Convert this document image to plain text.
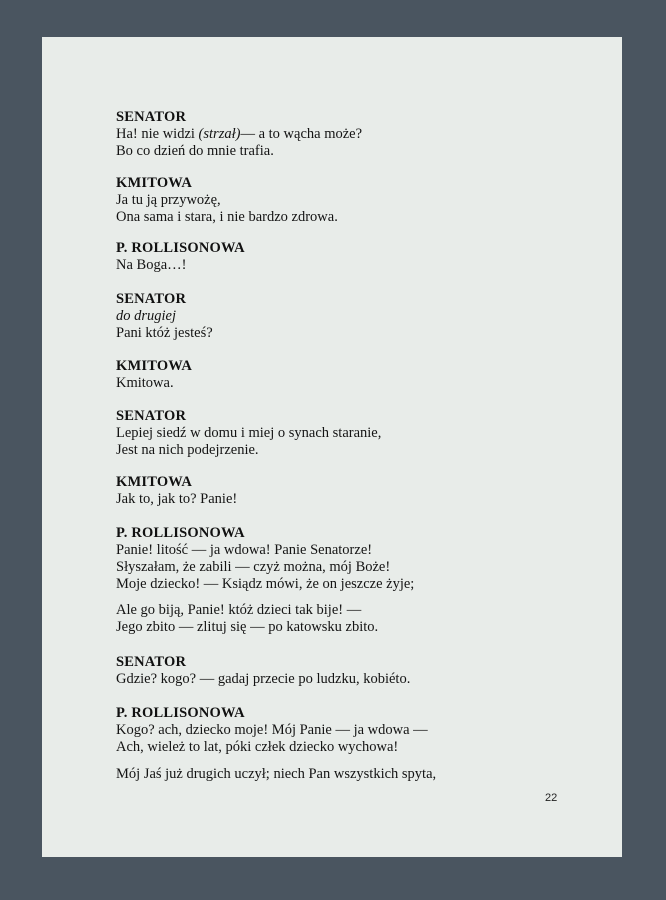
SENATOR

Ha! nie widzi (strzał)— a to wącha może?

Bo co dzień do mnie trafia.

KMITOWA

Ja tu ją przywożę,

Ona sama i stara, i nie bardzo zdrowa.

P. ROLLISONOWA

Na Boga…!

SENATOR

do drugiej

Pani któż jesteś?

KMITOWA

Kmitowa.

SENATOR

Lepiej siedź w domu i miej o synach staranie,

Jest na nich podejrzenie.

KMITOWA

Jak to, jak to? Panie!

P. ROLLISONOWA

Panie! litość — ja wdowa! Panie Senatorze!

Słyszałam, że zabili — czyż można, mój Boże!

Moje dziecko! — Ksiądz mówi, że on jeszcze żyje;

Ale go biją, Panie! któż dzieci tak bije! —

Jego zbito — zlituj się — po katowsku zbito.

SENATOR

Gdzie? kogo? — gadaj przecie po ludzku, kobiéto.

P. ROLLISONOWA

Kogo? ach, dziecko moje! Mój Panie — ja wdowa —

Ach, wieleż to lat, póki człek dziecko wychowa!

Mój Jaś już drugich uczył; niech Pan wszystkich spyta,

22
